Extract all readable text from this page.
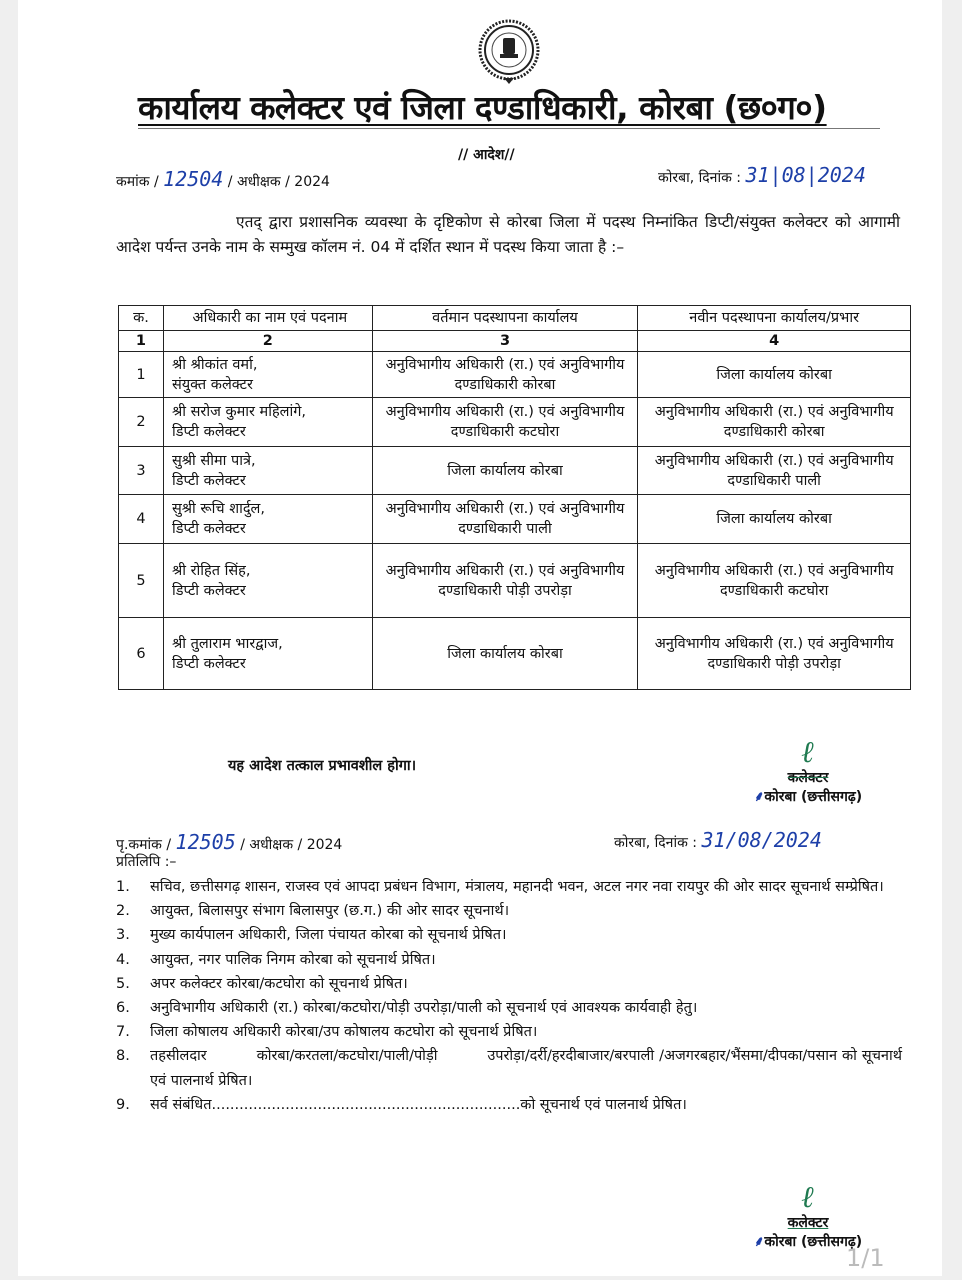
कार्यालय कलेक्टर एवं जिला दण्डाधिकारी, कोरबा (छ०ग०)
// आदेश//
कमांक / 12504 / अधीक्षक / 2024	कोरबा, दिनांक : 31|08|2024
एतद् द्वारा प्रशासनिक व्यवस्था के दृष्टिकोण से कोरबा जिला में पदस्थ निम्नांकित डिप्टी/संयुक्त कलेक्टर को आगामी आदेश पर्यन्त उनके नाम के सम्मुख कॉलम नं. 04 में दर्शित स्थान में पदस्थ किया जाता है :–
क.	अधिकारी का नाम एवं पदनाम	वर्तमान पदस्थापना कार्यालय	नवीन पदस्थापना कार्यालय/प्रभार
1	2	3	4
1	श्री श्रीकांत वर्मा,
संयुक्त कलेक्टर	अनुविभागीय अधिकारी (रा.) एवं अनुविभागीय दण्डाधिकारी कोरबा	जिला कार्यालय कोरबा
2	श्री सरोज कुमार महिलांगे,
डिप्टी कलेक्टर	अनुविभागीय अधिकारी (रा.) एवं अनुविभागीय दण्डाधिकारी कटघोरा	अनुविभागीय अधिकारी (रा.) एवं अनुविभागीय दण्डाधिकारी कोरबा
3	सुश्री सीमा पात्रे,
डिप्टी कलेक्टर	जिला कार्यालय कोरबा	अनुविभागीय अधिकारी (रा.) एवं अनुविभागीय दण्डाधिकारी पाली
4	सुश्री रूचि शार्दुल,
डिप्टी कलेक्टर	अनुविभागीय अधिकारी (रा.) एवं अनुविभागीय दण्डाधिकारी पाली	जिला कार्यालय कोरबा
5	श्री रोहित सिंह,
डिप्टी कलेक्टर	अनुविभागीय अधिकारी (रा.) एवं अनुविभागीय दण्डाधिकारी पोड़ी उपरोड़ा	अनुविभागीय अधिकारी (रा.) एवं अनुविभागीय दण्डाधिकारी कटघोरा
6	श्री तुलाराम भारद्वाज,
डिप्टी कलेक्टर	जिला कार्यालय कोरबा	अनुविभागीय अधिकारी (रा.) एवं अनुविभागीय दण्डाधिकारी पोड़ी उपरोड़ा
यह आदेश तत्काल प्रभावशील होगा।	ℓ
कलेक्टर
⸙कोरबा (छत्तीसगढ़)
पृ.कमांक / 12505 / अधीक्षक / 2024	कोरबा, दिनांक : 31/08/2024
प्रतिलिपि :–
1.	सचिव, छत्तीसगढ़ शासन, राजस्व एवं आपदा प्रबंधन विभाग, मंत्रालय, महानदी भवन, अटल नगर नवा रायपुर की ओर सादर सूचनार्थ सम्प्रेषित।
2.	आयुक्त, बिलासपुर संभाग बिलासपुर (छ.ग.) की ओर सादर सूचनार्थ।
3.	मुख्य कार्यपालन अधिकारी, जिला पंचायत कोरबा को सूचनार्थ प्रेषित।
4.	आयुक्त, नगर पालिक निगम कोरबा को सूचनार्थ प्रेषित।
5.	अपर कलेक्टर कोरबा/कटघोरा को सूचनार्थ प्रेषित।
6.	अनुविभागीय अधिकारी (रा.) कोरबा/कटघोरा/पोड़ी उपरोड़ा/पाली को सूचनार्थ एवं आवश्यक कार्यवाही हेतु।
7.	जिला कोषालय अधिकारी कोरबा/उप कोषालय कटघोरा को सूचनार्थ प्रेषित।
8.	तहसीलदार          कोरबा/करतला/कटघोरा/पाली/पोड़ी          उपरोड़ा/दर्री/हरदीबाजार/बरपाली /अजगरबहार/भैंसमा/दीपका/पसान को सूचनार्थ एवं पालनार्थ प्रेषित।
9.	सर्व संबंधित...................................................................को सूचनार्थ एवं पालनार्थ प्रेषित।
ℓ
कलेक्टर
⸙कोरबा (छत्तीसगढ़)
1/1
